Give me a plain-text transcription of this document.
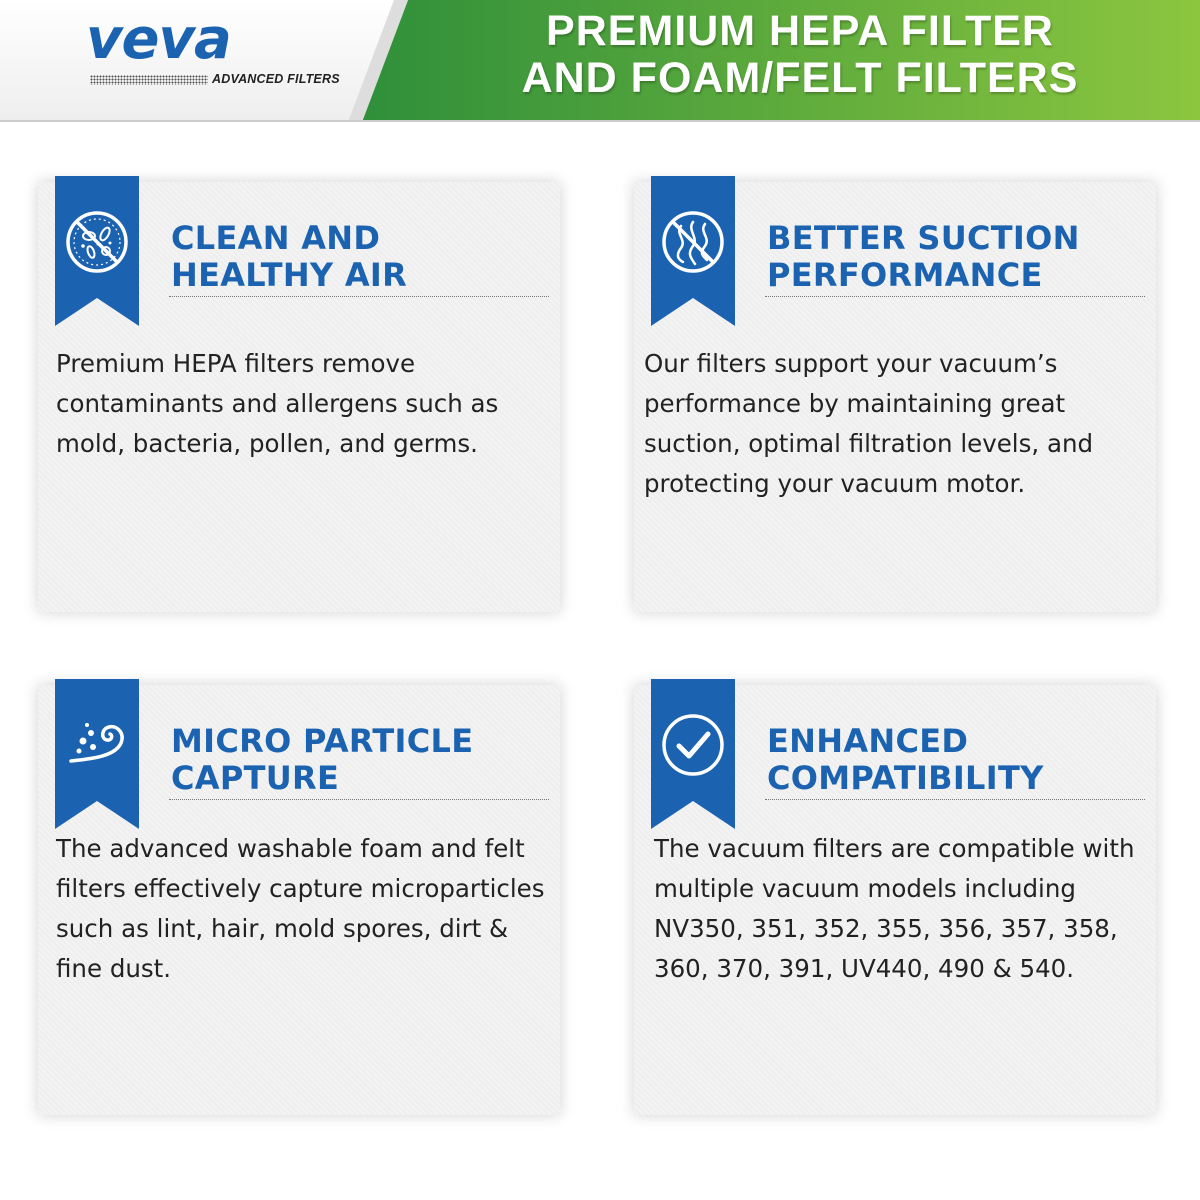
veva
ADVANCED FILTERS
PREMIUM HEPA FILTER
AND FOAM/FELT FILTERS
CLEAN AND
HEALTHY AIR
Premium HEPA filters remove contaminants and allergens such as mold, bacteria, pollen, and germs.
BETTER SUCTION
PERFORMANCE
Our filters support your vacuum’s performance by maintaining great suction, optimal filtration levels, and protecting your vacuum motor.
MICRO PARTICLE
CAPTURE
The advanced washable foam and felt filters effectively capture microparticles such as lint, hair, mold spores, dirt & fine dust.
ENHANCED
COMPATIBILITY
The vacuum filters are compatible with multiple vacuum models including NV350, 351, 352, 355, 356, 357, 358, 360, 370, 391, UV440, 490 & 540.
